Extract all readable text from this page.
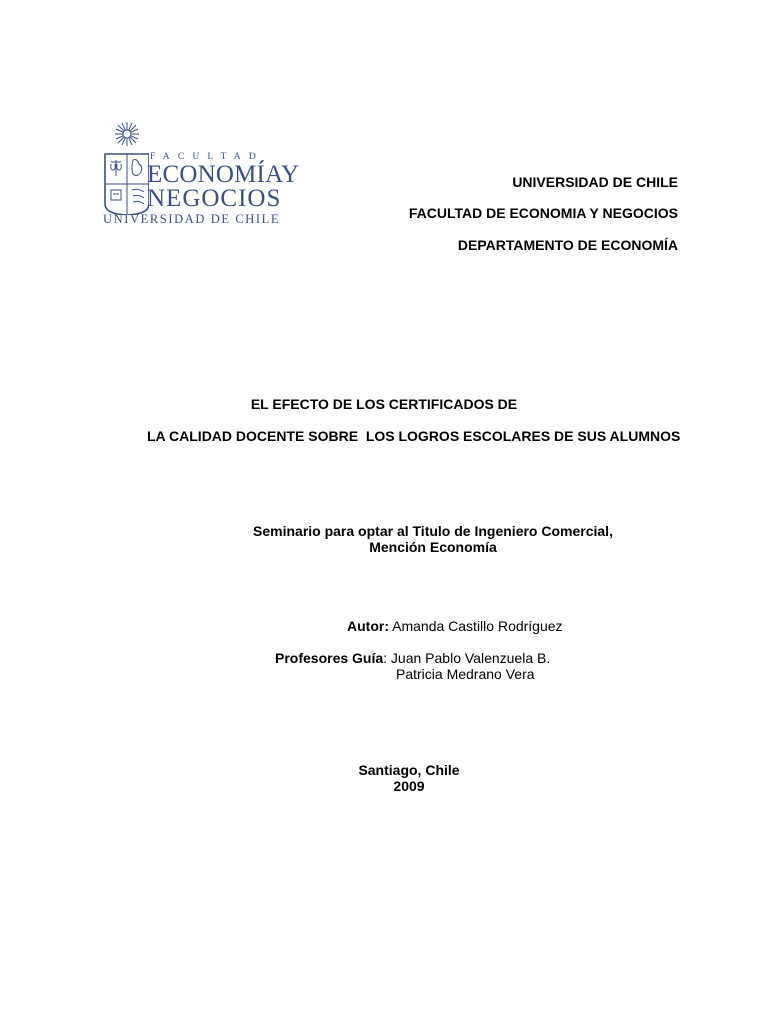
FACULTAD
ECONOMÍAY
NEGOCIOS
UNIVERSIDAD DE CHILE
UNIVERSIDAD DE CHILE
FACULTAD DE ECONOMIA Y NEGOCIOS
DEPARTAMENTO DE ECONOMÍA
EL EFECTO DE LOS CERTIFICADOS DE
LA CALIDAD DOCENTE SOBRE  LOS LOGROS ESCOLARES DE SUS ALUMNOS
Seminario para optar al Titulo de Ingeniero Comercial,
Mención Economía
Autor: Amanda Castillo Rodríguez
Profesores Guía: Juan Pablo Valenzuela B.
Patricia Medrano Vera
Santiago, Chile
2009
